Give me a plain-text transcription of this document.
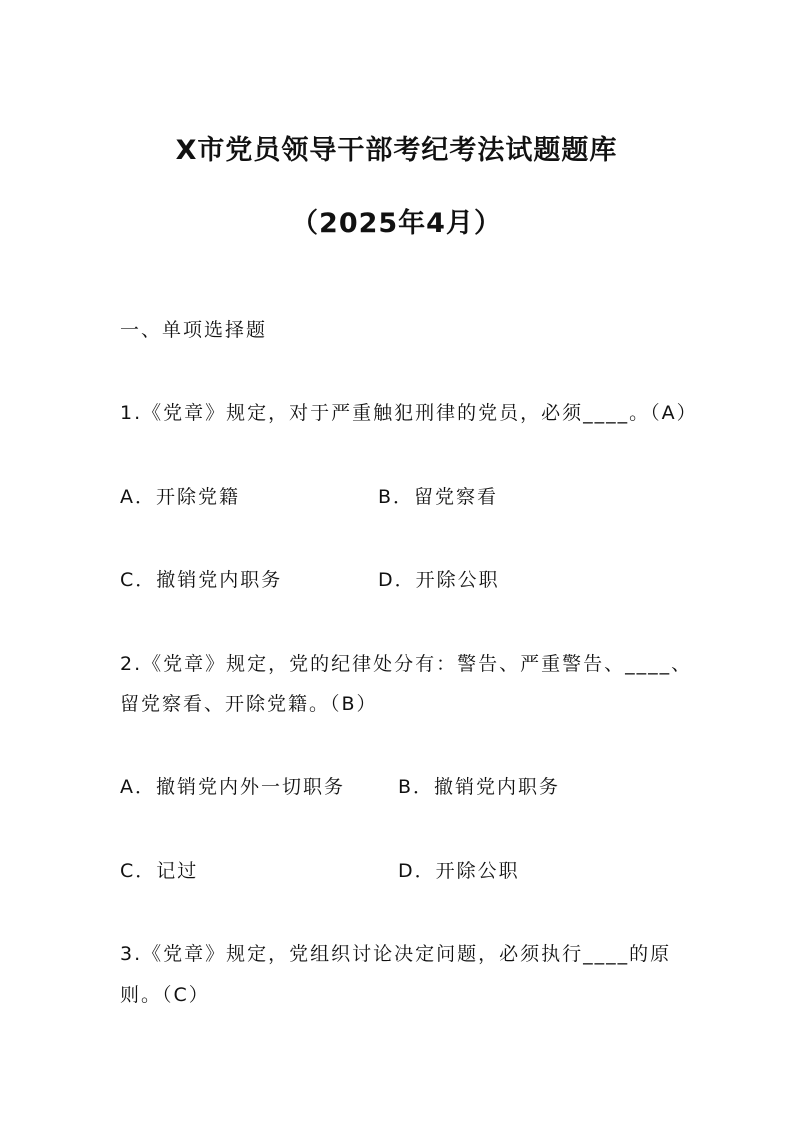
X市党员领导干部考纪考法试题题库
（2025年4月）
一、单项选择题
1.《党章》规定，对于严重触犯刑律的党员，必须____。（A）
A．开除党籍	B．留党察看
C．撤销党内职务	D．开除公职
2.《党章》规定，党的纪律处分有：警告、严重警告、____、
留党察看、开除党籍。（B）
A．撤销党内外一切职务	B．撤销党内职务
C．记过	D．开除公职
3.《党章》规定，党组织讨论决定问题，必须执行____的原
则。（C）
